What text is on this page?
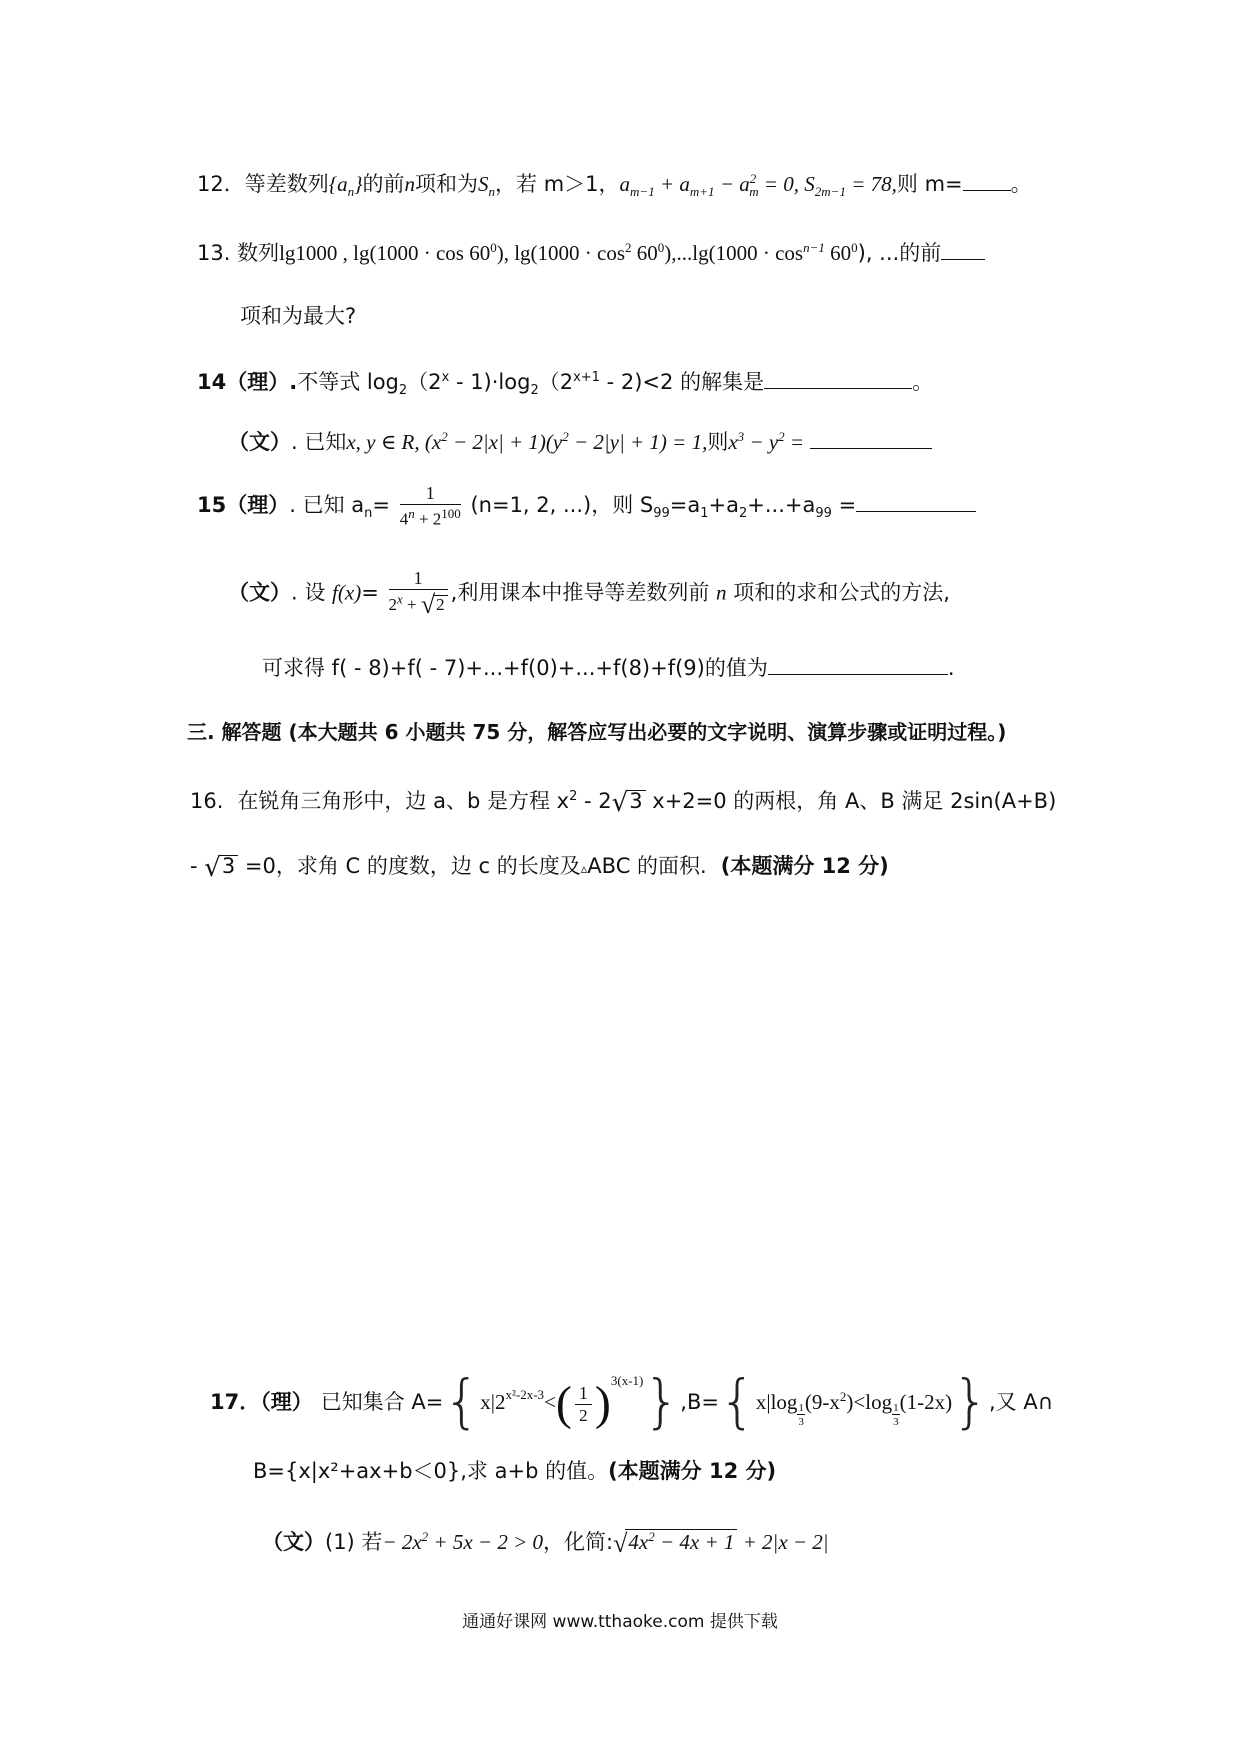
12．等差数列$\{a_n\}$的前n项和为$S_n$，若 m＞1，$a_{m-1} + a_{m+1} - a^2_m = 0$, $S_{2m-1} = 78$,则 m= 。
13. 数列lg1000 , $\lg(1000 \cdot \cos 60^0)$, $\lg(1000 \cdot \cos^2 60^0),...\lg(1000 \cdot \cos^{n-1} 60^0)$, ...的前
项和为最大?
14（理）.不等式 $\log_2(2^x - 1)\cdot\log_2(2^{x+1} - 2)<2$ 的解集是	。
（文）. 已知x, y ∈ R, $(x^2 - 2|x| + 1)(y^2 - 2|y| + 1) = 1$,则$x^3 - y^2$ =
15（理）. 已知 $a_n= \frac{1}{4^n + 2^{100}} (n=1$, 2, ...)，则 $S_{99}=a_1+a_2+...+a_{99}$ =
（文）. 设 $f(x)= \frac{1}{2^x + √2}$ ,利用课本中推导等差数列前 n 项和的求和公式的方法,
可求得 f( - 8)+f( - 7)+...+f(0)+...+f(8)+f(9)的值为	.
三. 解答题 (本大题共 6 小题共 75 分，解答应写出必要的文字说明、演算步骤或证明过程。)
16. 在锐角三角形中，边 a、b 是方程 $x^2 - 2√3$ x+2=0 的两根，角 A、B 满足 2sin(A+B)
- √3 =0，求角 C 的度数，边 c 的长度及▵ABC 的面积. (本题满分 12 分)
17．（理） 已知集合 $A=\{x|2^{x^2-2x-3}<( \frac{1}{2} )^{3(x-1)}\},B=\{x|\log$
$\frac{1}{3}$
$(9-x^2)<\log$
$\frac{1}{3}$
(1-2x)},又 A∩
B={x|x²+ax+b＜0},求 a+b 的值。(本题满分 12 分)
（文）(1) 若− $2x^2 + 5x - 2 > 0$，化简$:√4x^2 - 4x + 1 + 2|x - 2|$
通通好课网 www.tthaoke.com 提供下载
